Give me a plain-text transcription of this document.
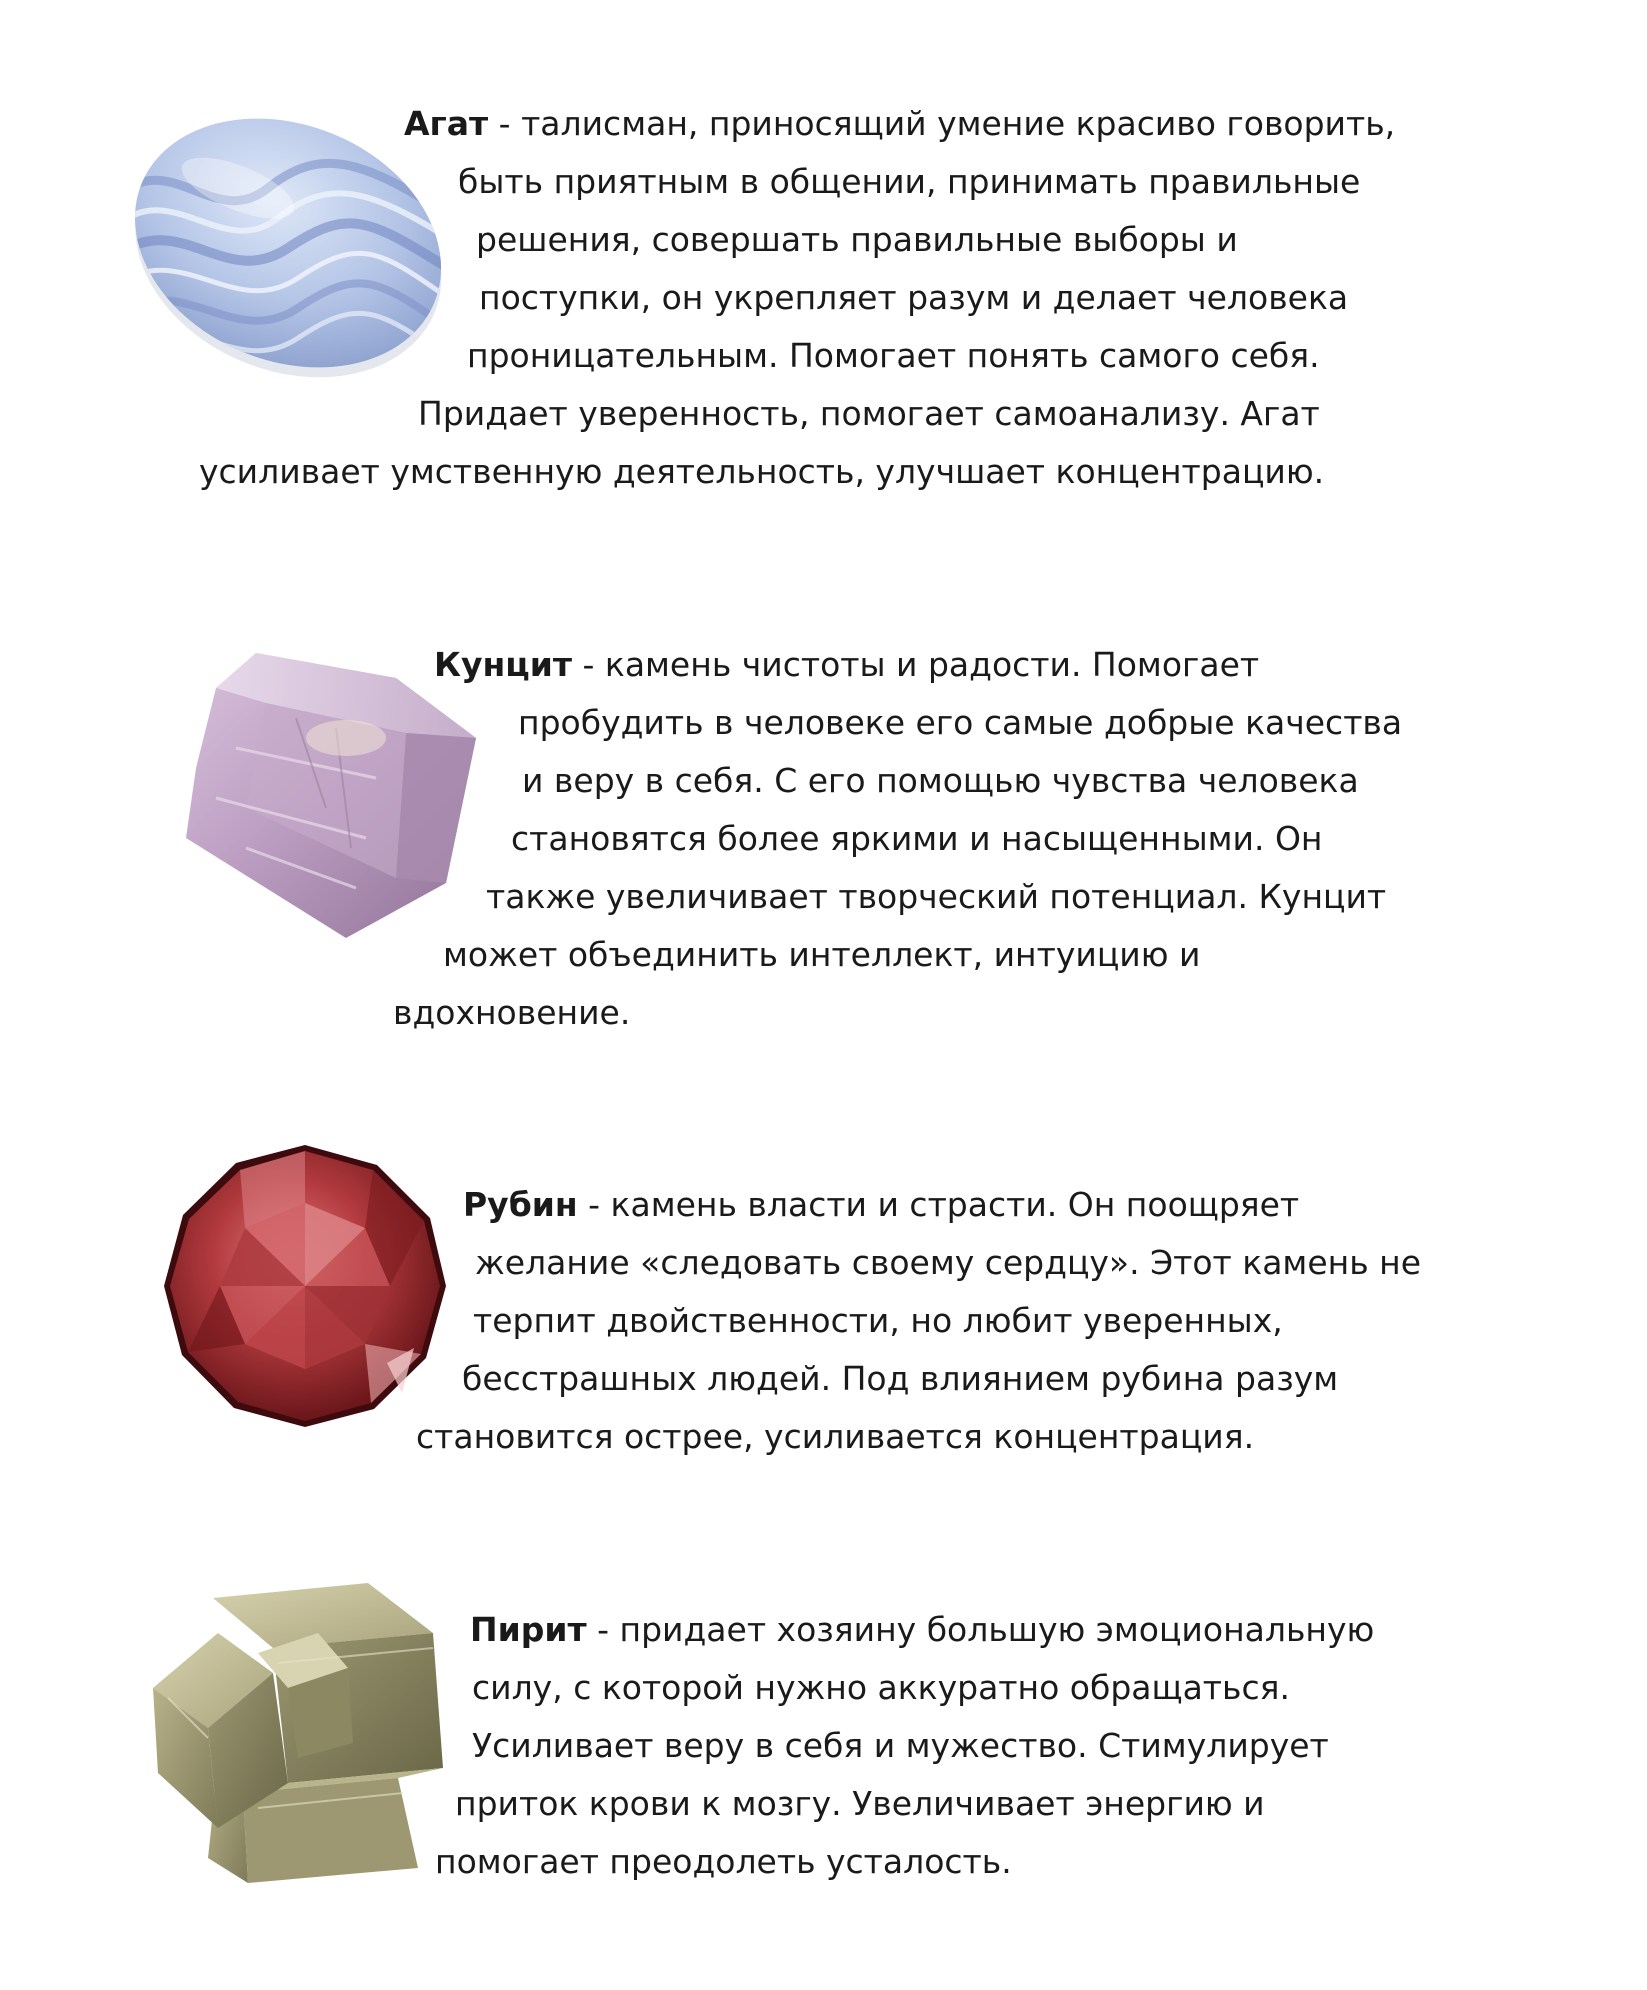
Агат - талисман, приносящий умение красиво говорить,
быть приятным в общении, принимать правильные
решения, совершать правильные выборы и
поступки, он укрепляет разум и делает человека
проницательным. Помогает понять самого себя.
Придает уверенность, помогает самоанализу. Агат
усиливает умственную деятельность, улучшает концентрацию.
Кунцит - камень чистоты и радости. Помогает
пробудить в человеке его самые добрые качества
и веру в себя. С его помощью чувства человека
становятся более яркими и насыщенными. Он
также увеличивает творческий потенциал. Кунцит
может объединить интеллект, интуицию и
вдохновение.
Рубин - камень власти и страсти. Он поощряет
желание «следовать своему сердцу». Этот камень не
терпит двойственности, но любит уверенных,
бесстрашных людей. Под влиянием рубина разум
становится острее, усиливается концентрация.
Пирит - придает хозяину большую эмоциональную
силу, с которой нужно аккуратно обращаться.
Усиливает веру в себя и мужество. Стимулирует
приток крови к мозгу. Увеличивает энергию и
помогает преодолеть усталость.
